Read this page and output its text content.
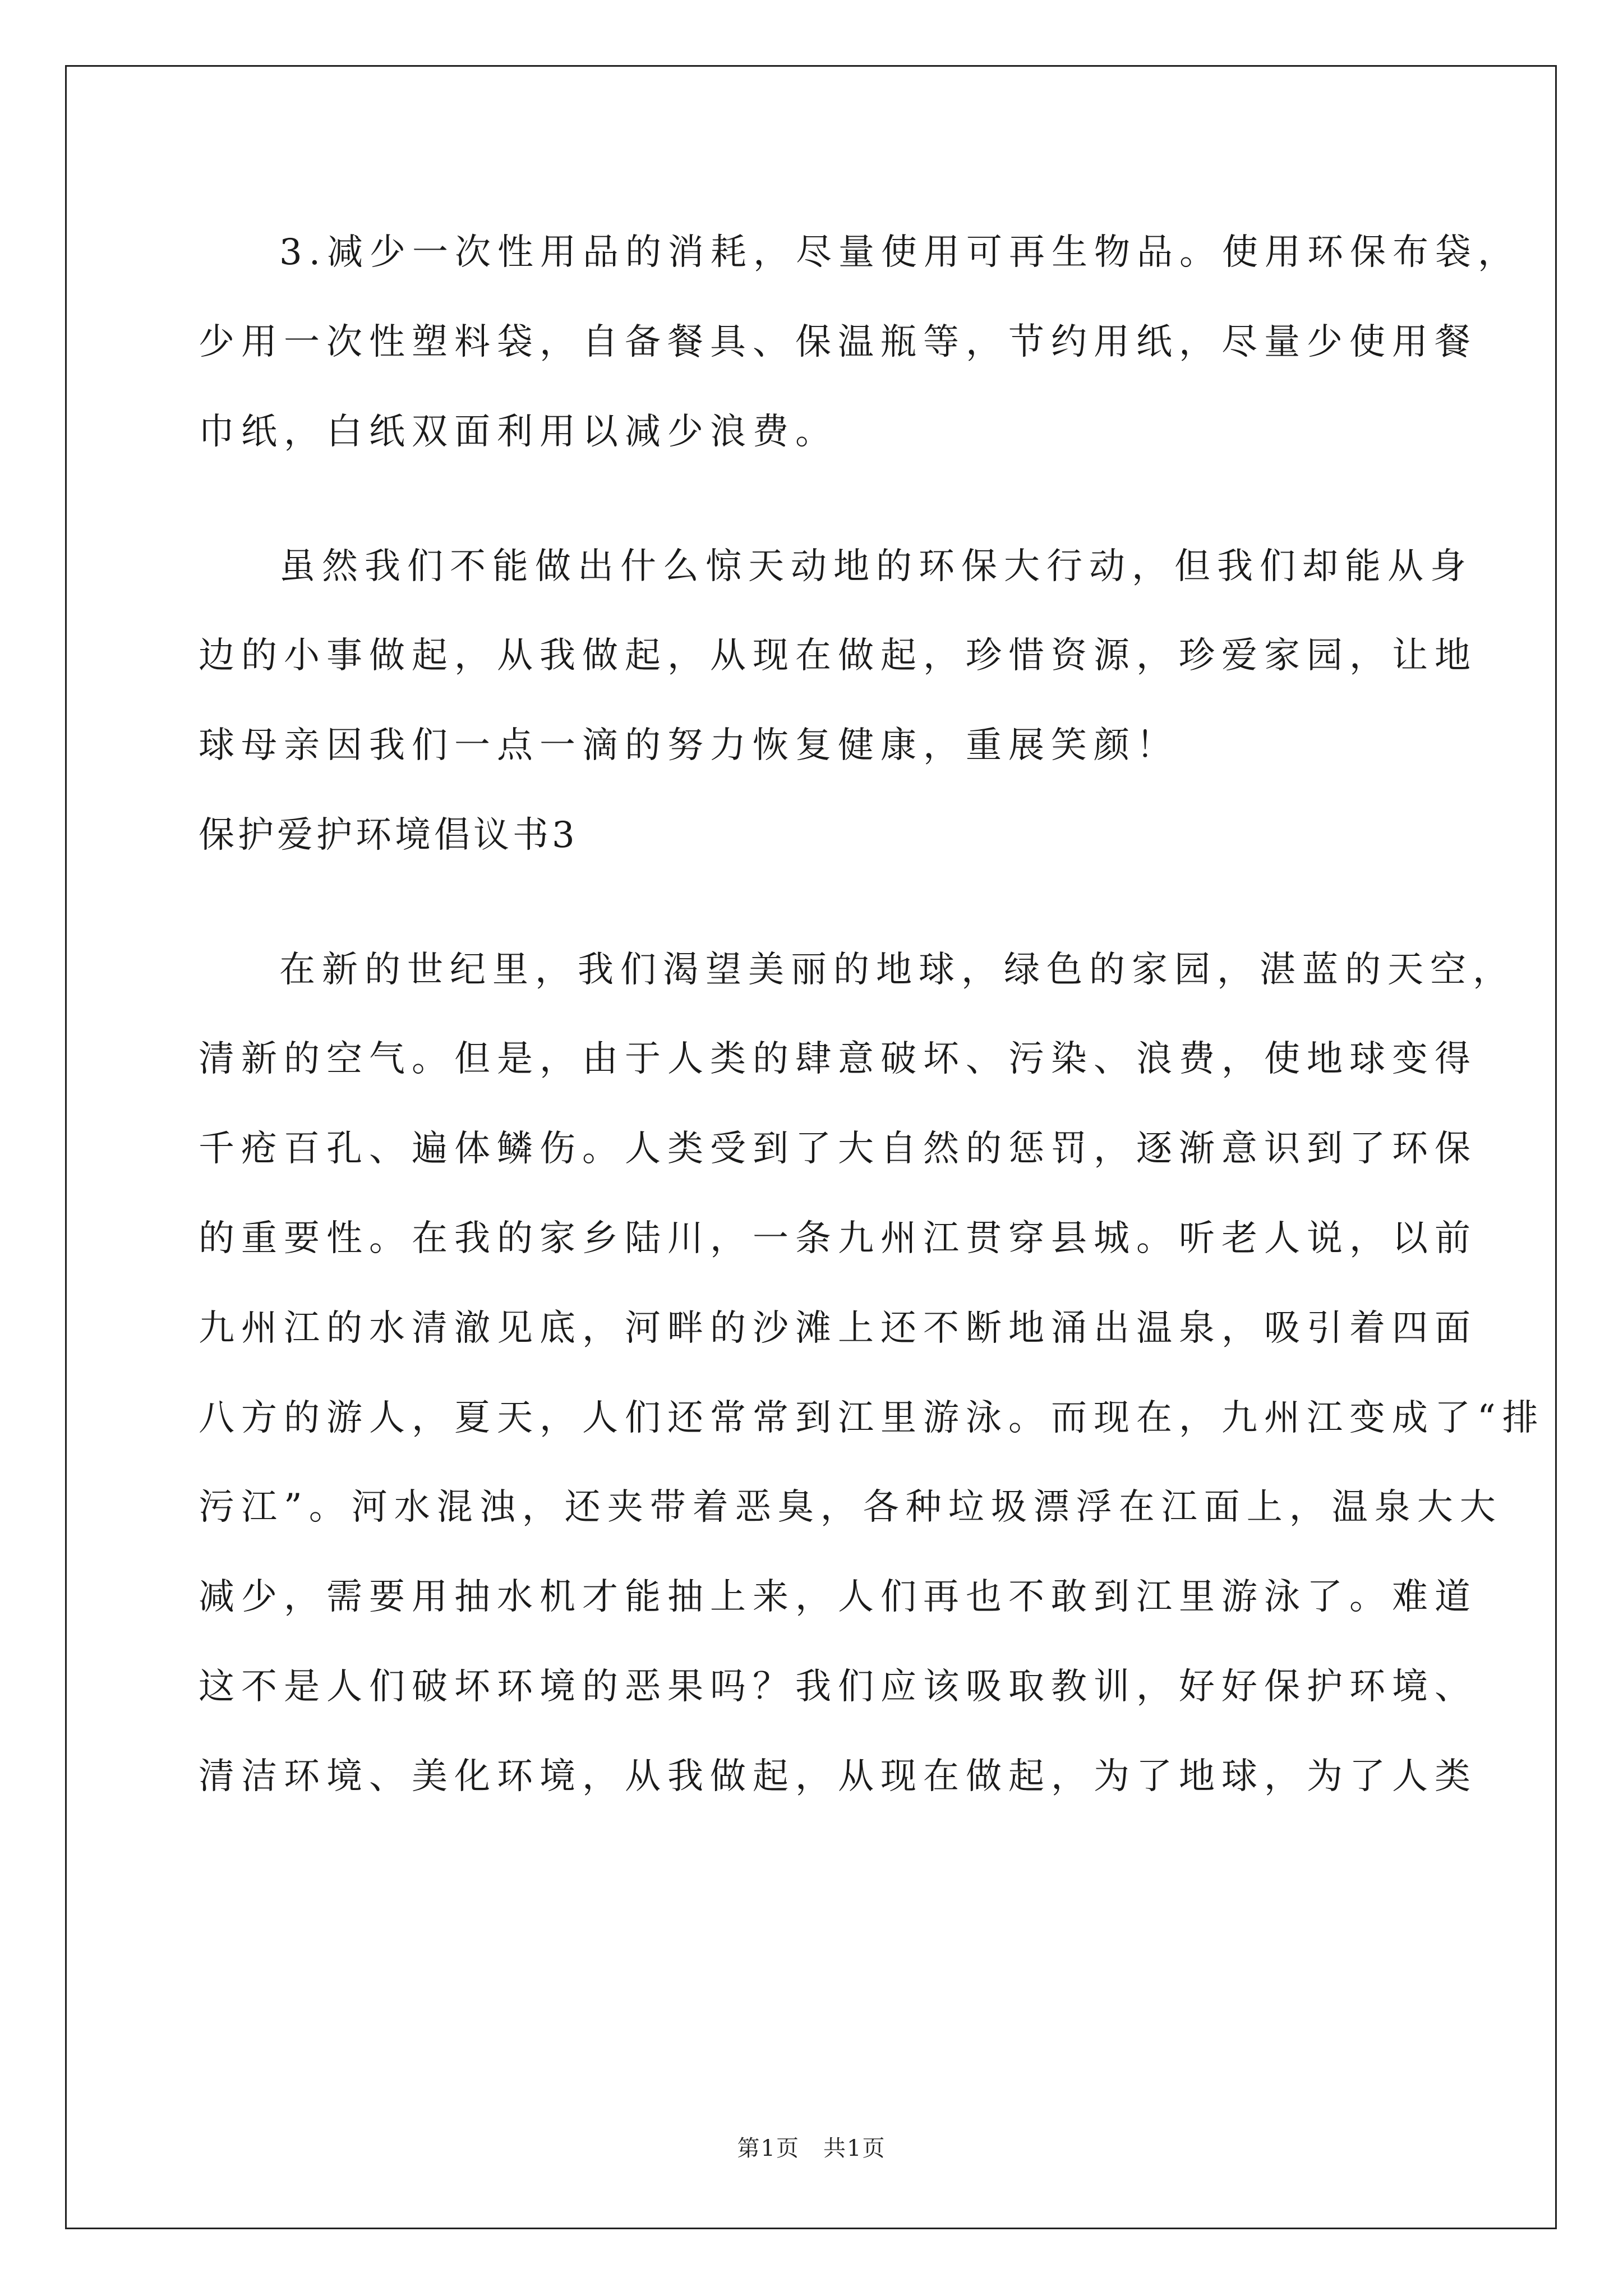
3.减少一次性用品的消耗，尽量使用可再生物品。使用环保布袋，
少用一次性塑料袋，自备餐具、保温瓶等，节约用纸，尽量少使用餐
巾纸，白纸双面利用以减少浪费。
虽然我们不能做出什么惊天动地的环保大行动，但我们却能从身
边的小事做起，从我做起，从现在做起，珍惜资源，珍爱家园，让地
球母亲因我们一点一滴的努力恢复健康，重展笑颜！
保护爱护环境倡议书3
在新的世纪里，我们渴望美丽的地球，绿色的家园，湛蓝的天空，
清新的空气。但是，由于人类的肆意破坏、污染、浪费，使地球变得
千疮百孔、遍体鳞伤。人类受到了大自然的惩罚，逐渐意识到了环保
的重要性。在我的家乡陆川，一条九州江贯穿县城。听老人说，以前
九州江的水清澈见底，河畔的沙滩上还不断地涌出温泉，吸引着四面
八方的游人，夏天，人们还常常到江里游泳。而现在，九州江变成了“排
污江”。河水混浊，还夹带着恶臭，各种垃圾漂浮在江面上，温泉大大
减少，需要用抽水机才能抽上来，人们再也不敢到江里游泳了。难道
这不是人们破坏环境的恶果吗？我们应该吸取教训，好好保护环境、
清洁环境、美化环境，从我做起，从现在做起，为了地球，为了人类
第1页　共1页
